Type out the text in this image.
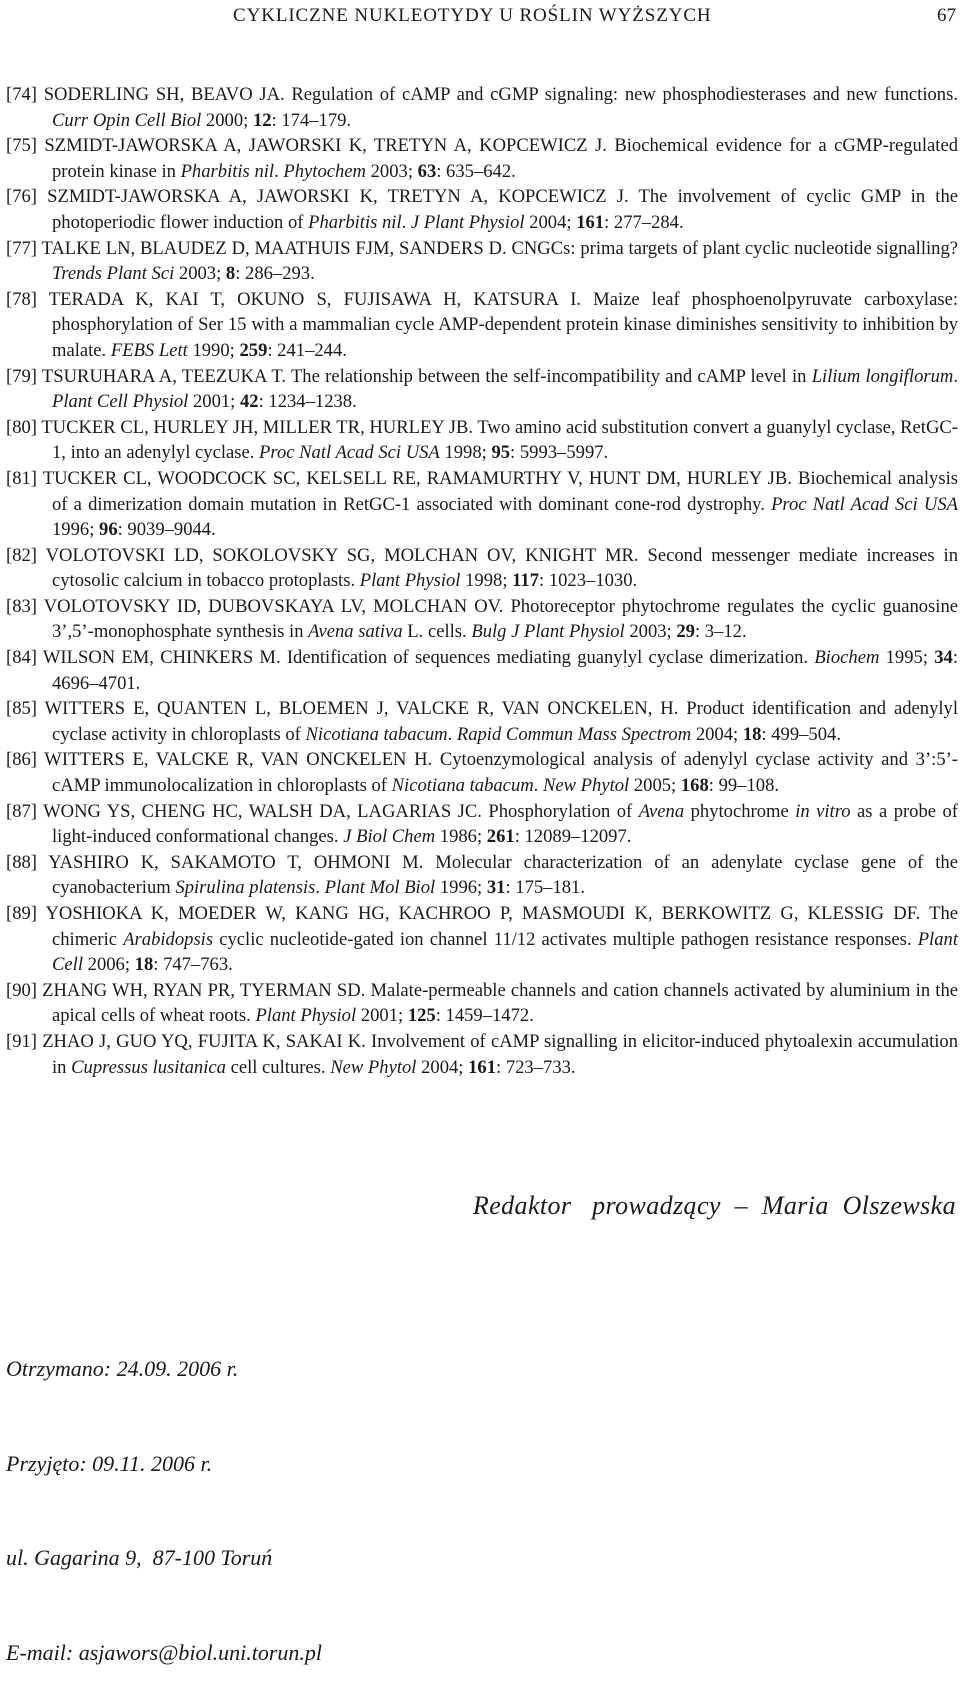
CYKLICZNE NUKLEOTYDY U ROŚLIN WYŻSZYCH	67
[74] SODERLING SH, BEAVO JA. Regulation of cAMP and cGMP signaling: new phosphodiesterases and new functions. Curr Opin Cell Biol 2000; 12: 174–179.
[75] SZMIDT-JAWORSKA A, JAWORSKI K, TRETYN A, KOPCEWICZ J. Biochemical evidence for a cGMP-regulated protein kinase in Pharbitis nil. Phytochem 2003; 63: 635–642.
[76] SZMIDT-JAWORSKA A, JAWORSKI K, TRETYN A, KOPCEWICZ J. The involvement of cyclic GMP in the photoperiodic flower induction of Pharbitis nil. J Plant Physiol 2004; 161: 277–284.
[77] TALKE LN, BLAUDEZ D, MAATHUIS FJM, SANDERS D. CNGCs: prima targets of plant cyclic nucleotide signalling? Trends Plant Sci 2003; 8: 286–293.
[78] TERADA K, KAI T, OKUNO S, FUJISAWA H, KATSURA I. Maize leaf phosphoenolpyruvate carboxylase: phosphorylation of Ser 15 with a mammalian cycle AMP-dependent protein kinase diminishes sensitivity to inhibition by malate. FEBS Lett 1990; 259: 241–244.
[79] TSURUHARA A, TEEZUKA T. The relationship between the self-incompatibility and cAMP level in Lilium longiflorum. Plant Cell Physiol 2001; 42: 1234–1238.
[80] TUCKER CL, HURLEY JH, MILLER TR, HURLEY JB. Two amino acid substitution convert a guanylyl cyclase, RetGC-1, into an adenylyl cyclase. Proc Natl Acad Sci USA 1998; 95: 5993–5997.
[81] TUCKER CL, WOODCOCK SC, KELSELL RE, RAMAMURTHY V, HUNT DM, HURLEY JB. Biochemical analysis of a dimerization domain mutation in RetGC-1 associated with dominant cone-rod dystrophy. Proc Natl Acad Sci USA 1996; 96: 9039–9044.
[82] VOLOTOVSKI LD, SOKOLOVSKY SG, MOLCHAN OV, KNIGHT MR. Second messenger mediate increases in cytosolic calcium in tobacco protoplasts. Plant Physiol 1998; 117: 1023–1030.
[83] VOLOTOVSKY ID, DUBOVSKAYA LV, MOLCHAN OV. Photoreceptor phytochrome regulates the cyclic guanosine 3’,5’-monophosphate synthesis in Avena sativa L. cells. Bulg J Plant Physiol 2003; 29: 3–12.
[84] WILSON EM, CHINKERS M. Identification of sequences mediating guanylyl cyclase dimerization. Biochem 1995; 34: 4696–4701.
[85] WITTERS E, QUANTEN L, BLOEMEN J, VALCKE R, VAN ONCKELEN, H. Product identification and adenylyl cyclase activity in chloroplasts of Nicotiana tabacum. Rapid Commun Mass Spectrom 2004; 18: 499–504.
[86] WITTERS E, VALCKE R, VAN ONCKELEN H. Cytoenzymological analysis of adenylyl cyclase activity and 3’:5’-cAMP immunolocalization in chloroplasts of Nicotiana tabacum. New Phytol 2005; 168: 99–108.
[87] WONG YS, CHENG HC, WALSH DA, LAGARIAS JC. Phosphorylation of Avena phytochrome in vitro as a probe of light-induced conformational changes. J Biol Chem 1986; 261: 12089–12097.
[88] YASHIRO K, SAKAMOTO T, OHMONI M. Molecular characterization of an adenylate cyclase gene of the cyanobacterium Spirulina platensis. Plant Mol Biol 1996; 31: 175–181.
[89] YOSHIOKA K, MOEDER W, KANG HG, KACHROO P, MASMOUDI K, BERKOWITZ G, KLESSIG DF. The chimeric Arabidopsis cyclic nucleotide-gated ion channel 11/12 activates multiple pathogen resistance responses. Plant Cell 2006; 18: 747–763.
[90] ZHANG WH, RYAN PR, TYERMAN SD. Malate-permeable channels and cation channels activated by aluminium in the apical cells of wheat roots. Plant Physiol 2001; 125: 1459–1472.
[91] ZHAO J, GUO YQ, FUJITA K, SAKAI K. Involvement of cAMP signalling in elicitor-induced phytoalexin accumulation in Cupressus lusitanica cell cultures. New Phytol 2004; 161: 723–733.
Redaktor   prowadzący  –  Maria  Olszewska

Otrzymano: 24.09. 2006 r.

Przyjęto: 09.11. 2006 r.

ul. Gagarina 9,  87-100 Toruń

E-mail: asjawors@biol.uni.torun.pl
